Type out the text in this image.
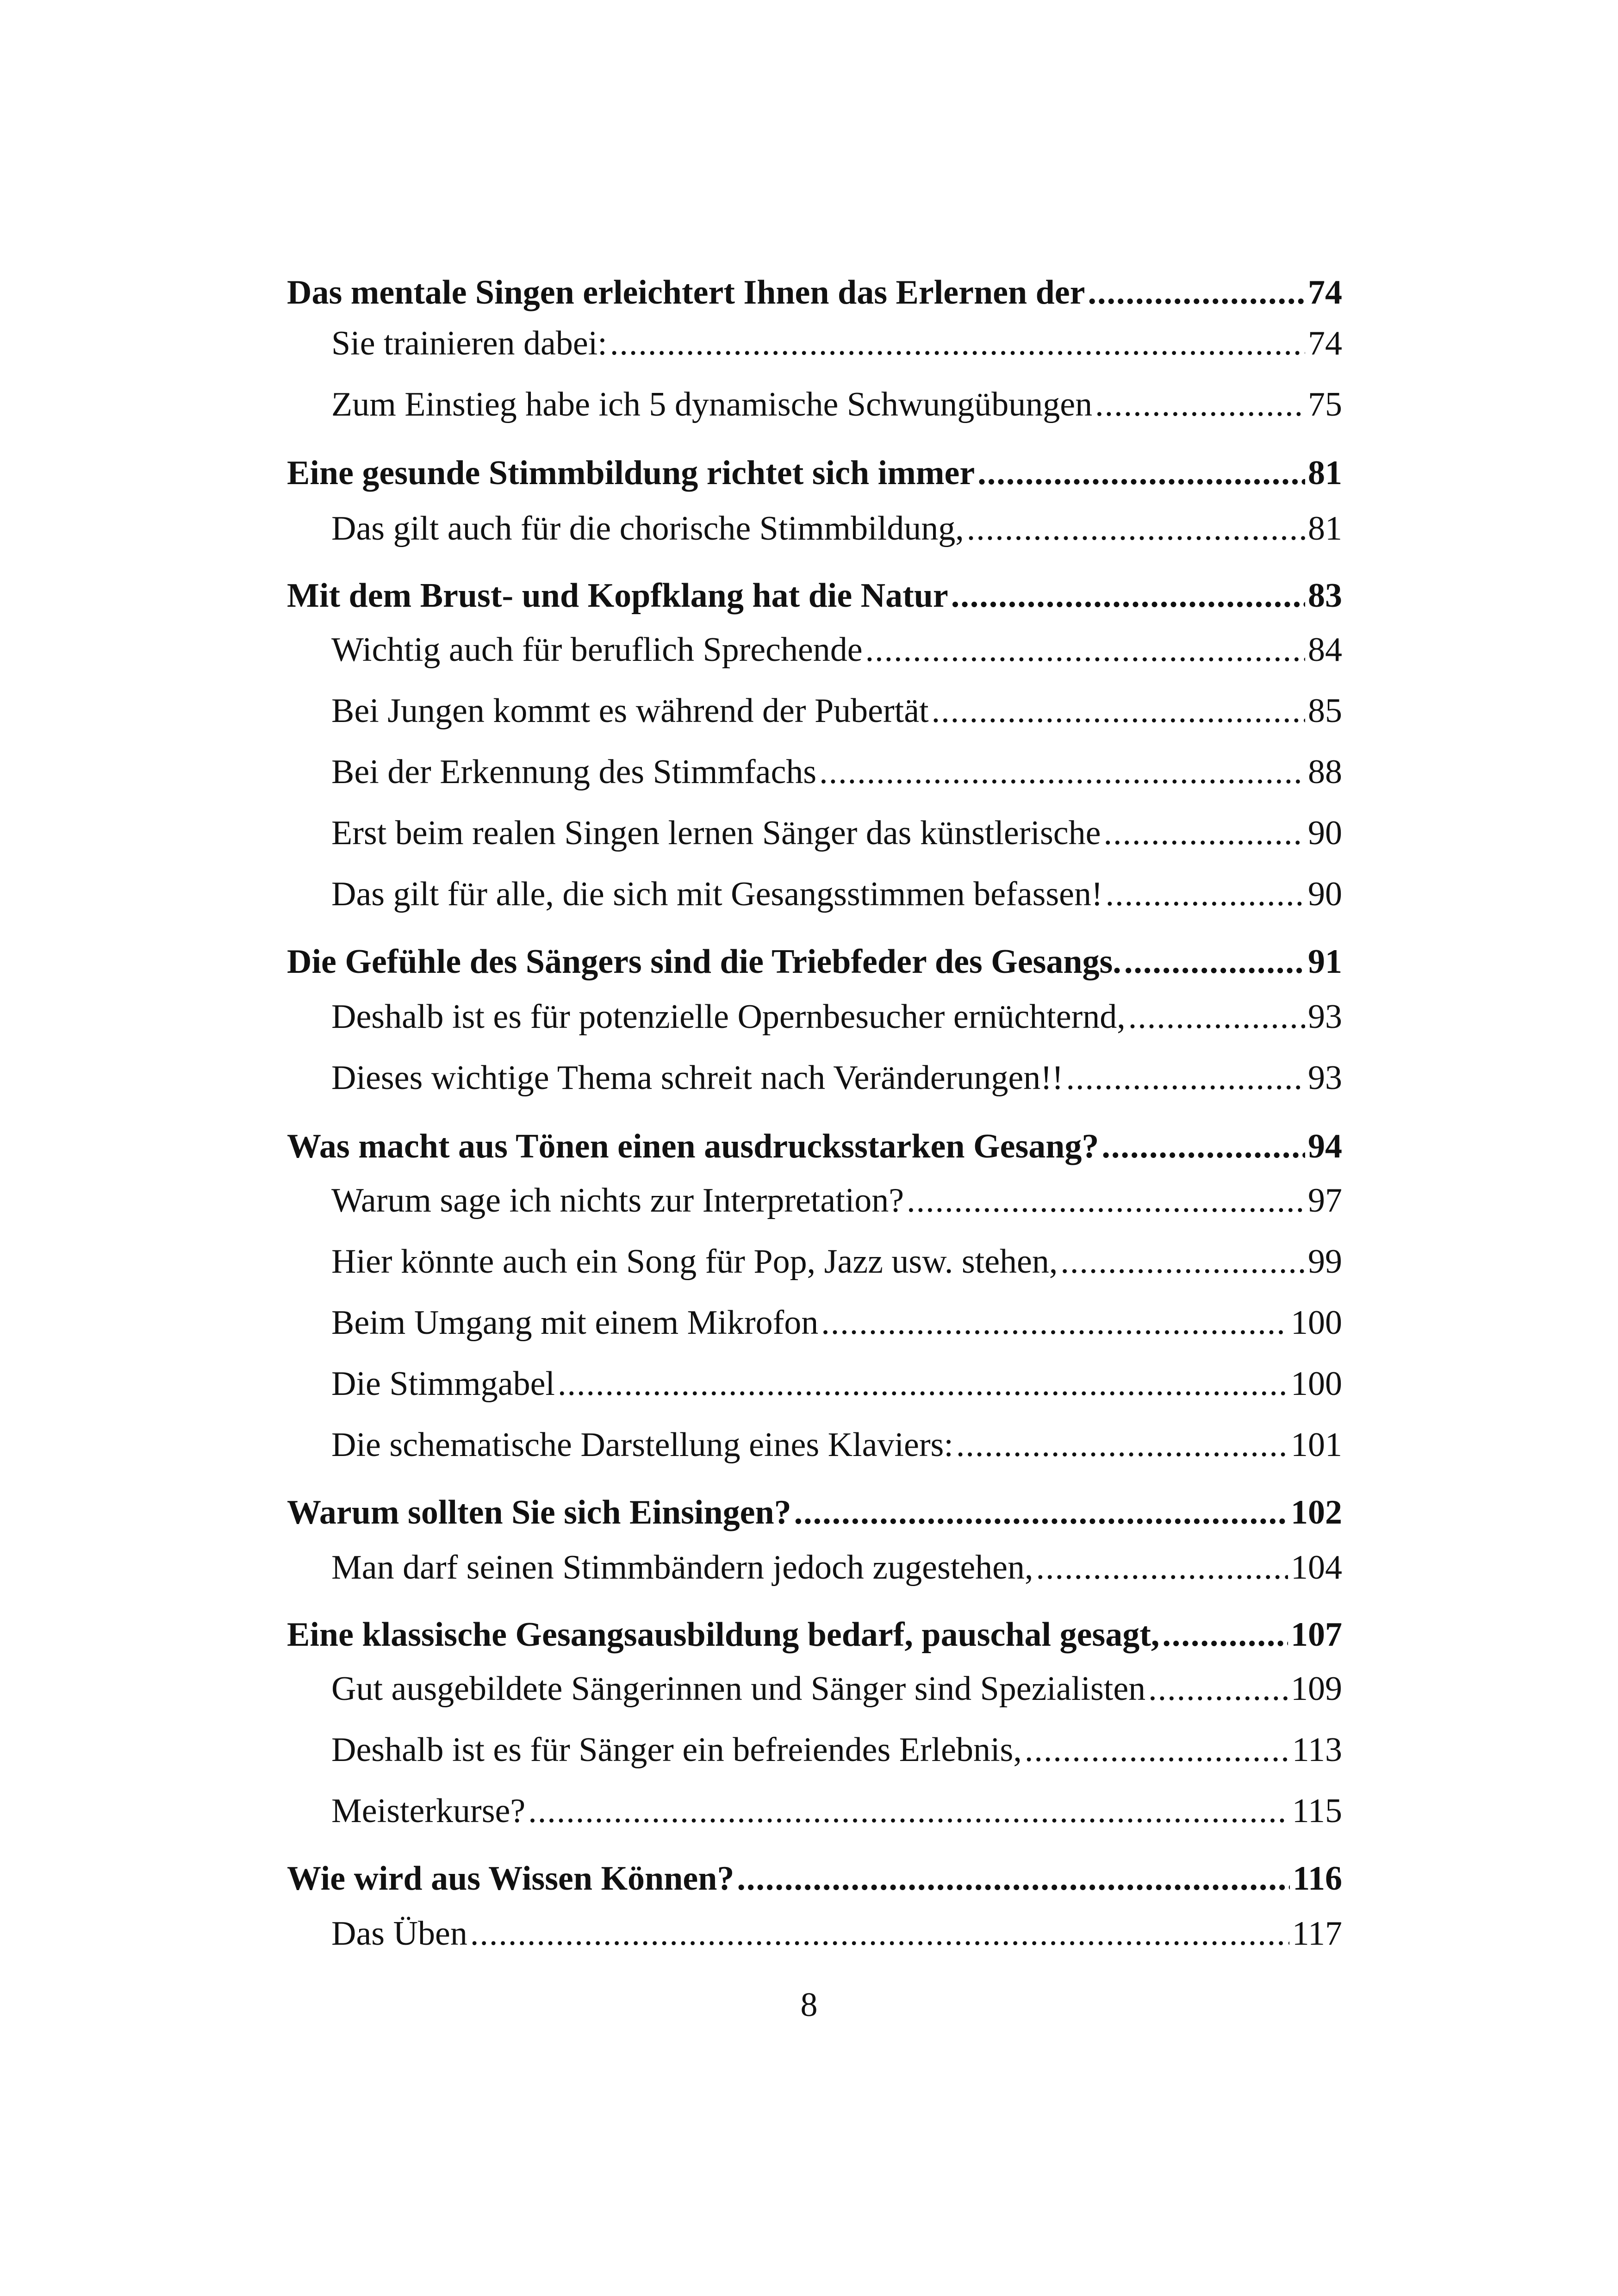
Das mentale Singen erleichtert Ihnen das Erlernen der .....	74
Sie trainieren dabei: .....	74
Zum Einstieg habe ich 5 dynamische Schwungübungen .....	75
Eine gesunde Stimmbildung richtet sich immer .....	81
Das gilt auch für die chorische Stimmbildung, .....	81
Mit dem Brust- und Kopfklang hat die Natur .....	83
Wichtig auch für beruflich Sprechende .....	84
Bei Jungen kommt es während der Pubertät .....	85
Bei der Erkennung des Stimmfachs .....	88
Erst beim realen Singen lernen Sänger das künstlerische .....	90
Das gilt für alle, die sich mit Gesangsstimmen befassen! .....	90
Die Gefühle des Sängers sind die Triebfeder des Gesangs. .....	91
Deshalb ist es für potenzielle Opernbesucher ernüchternd, .....	93
Dieses wichtige Thema schreit nach Veränderungen!! .....	93
Was macht aus Tönen einen ausdrucksstarken Gesang? .....	94
Warum sage ich nichts zur Interpretation? .....	97
Hier könnte auch ein Song für Pop, Jazz usw. stehen, .....	99
Beim Umgang mit einem Mikrofon .....	100
Die Stimmgabel .....	100
Die schematische Darstellung eines Klaviers: .....	101
Warum sollten Sie sich Einsingen? .....	102
Man darf seinen Stimmbändern jedoch zugestehen, .....	104
Eine klassische Gesangsausbildung bedarf, pauschal gesagt, .....	107
Gut ausgebildete Sängerinnen und Sänger sind Spezialisten .....	109
Deshalb ist es für Sänger ein befreiendes Erlebnis, .....	113
Meisterkurse? .....	115
Wie wird aus Wissen Können? .....	116
Das Üben .....	117
8
